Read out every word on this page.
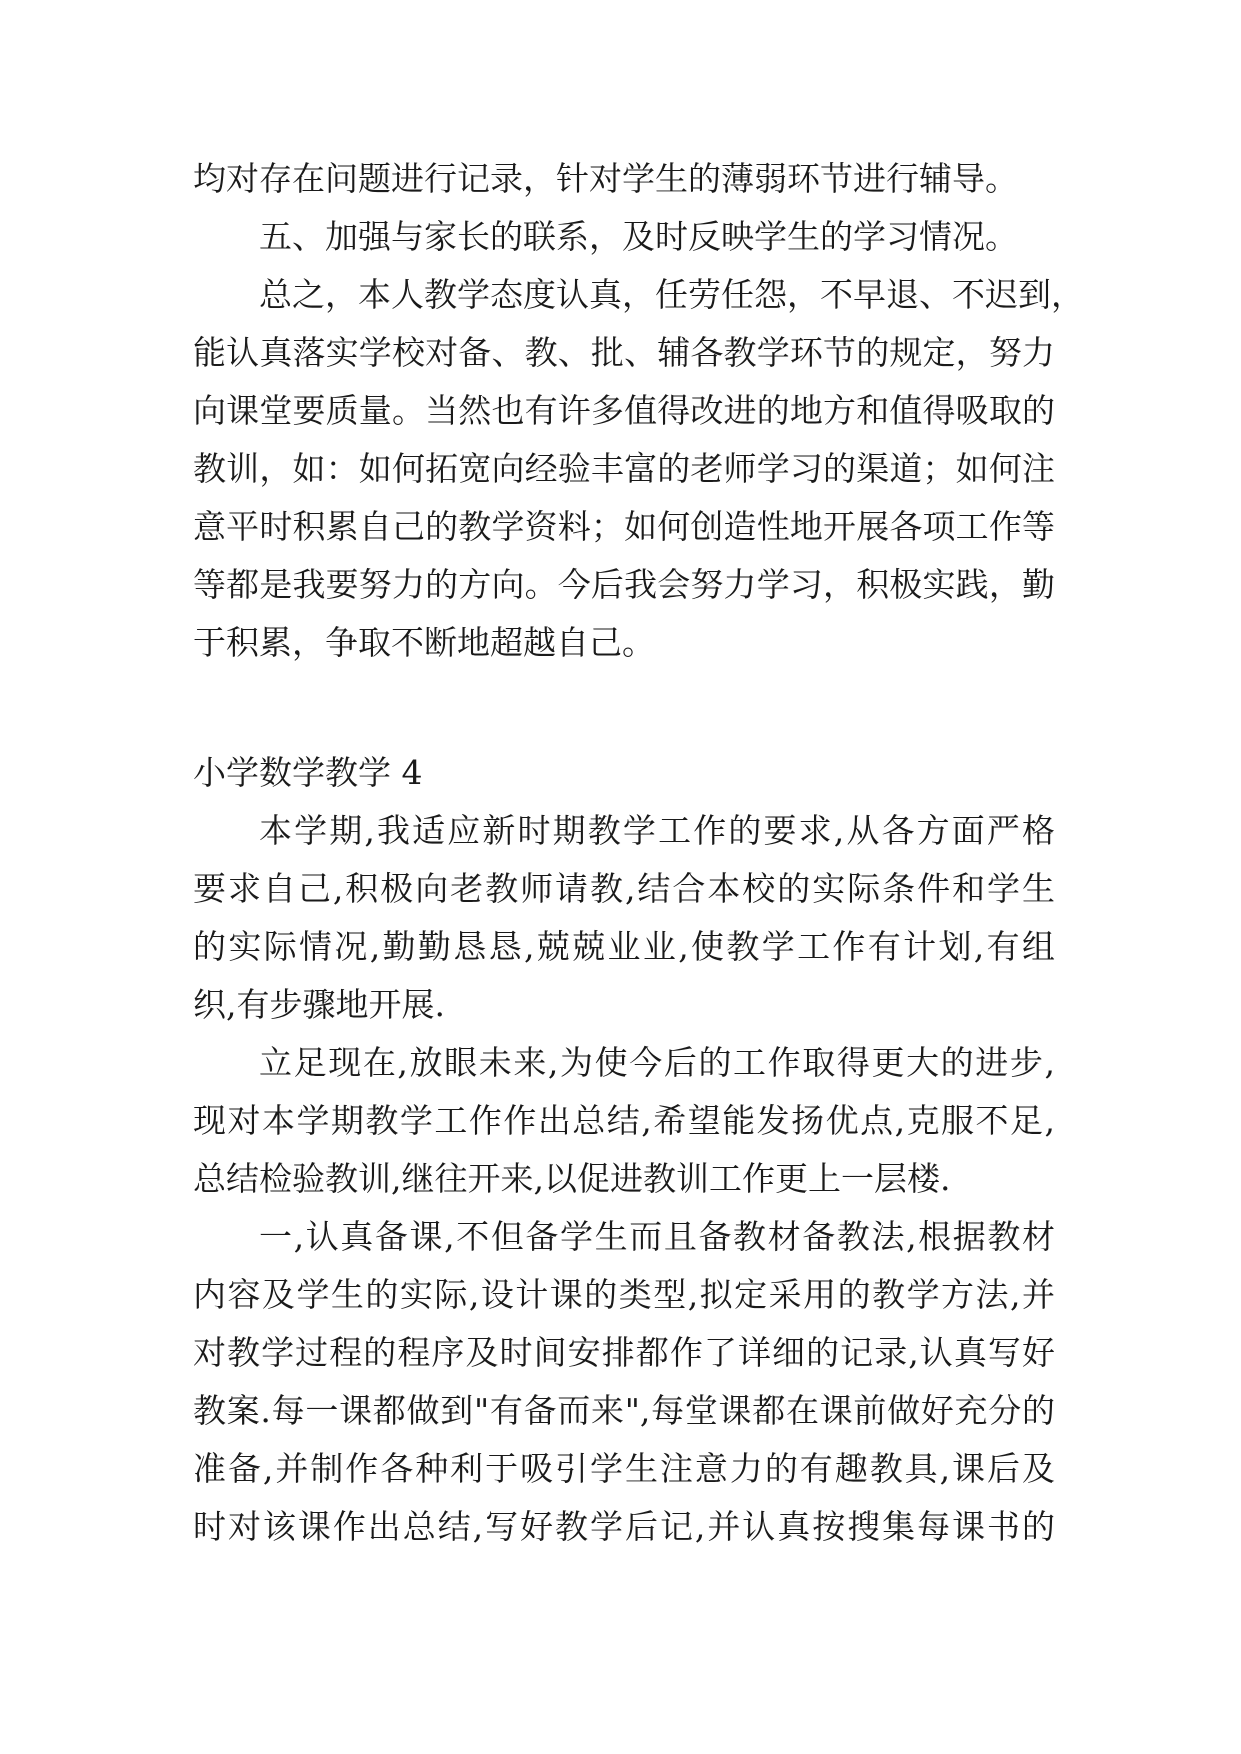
均对存在问题进行记录，针对学生的薄弱环节进行辅导。
五、加强与家长的联系，及时反映学生的学习情况。
总之，本人教学态度认真，任劳任怨，不早退、不迟到，
能认真落实学校对备、教、批、辅各教学环节的规定，努力
向课堂要质量。当然也有许多值得改进的地方和值得吸取的
教训，如：如何拓宽向经验丰富的老师学习的渠道；如何注
意平时积累自己的教学资料；如何创造性地开展各项工作等
等都是我要努力的方向。今后我会努力学习，积极实践，勤
于积累，争取不断地超越自己。
小学数学教学 4
本学期,我适应新时期教学工作的要求,从各方面严格
要求自己,积极向老教师请教,结合本校的实际条件和学生
的实际情况,勤勤恳恳,兢兢业业,使教学工作有计划,有组
织,有步骤地开展.
立足现在,放眼未来,为使今后的工作取得更大的进步,
现对本学期教学工作作出总结,希望能发扬优点,克服不足,
总结检验教训,继往开来,以促进教训工作更上一层楼.
一,认真备课,不但备学生而且备教材备教法,根据教材
内容及学生的实际,设计课的类型,拟定采用的教学方法,并
对教学过程的程序及时间安排都作了详细的记录,认真写好
教案.每一课都做到"有备而来",每堂课都在课前做好充分的
准备,并制作各种利于吸引学生注意力的有趣教具,课后及
时对该课作出总结,写好教学后记,并认真按搜集每课书的
